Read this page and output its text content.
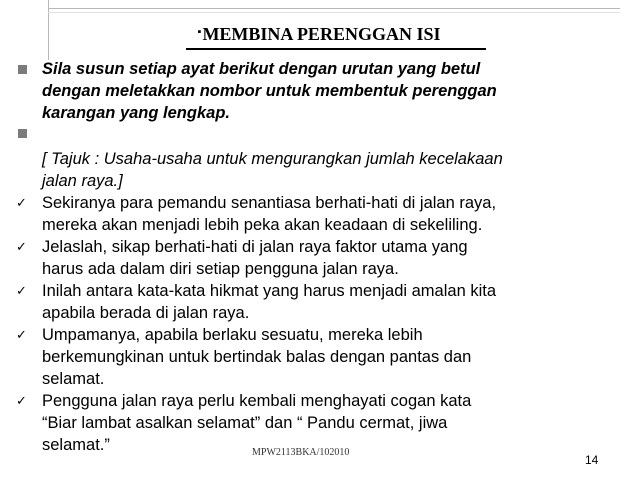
▪MEMBINA PERENGGAN ISI
Sila susun setiap ayat berikut dengan urutan yang betul
dengan meletakkan nombor untuk membentuk perenggan
karangan yang lengkap.
[ Tajuk : Usaha-usaha untuk mengurangkan jumlah kecelakaan
jalan raya.]
✓ Sekiranya para pemandu senantiasa berhati-hati di jalan raya,
mereka akan menjadi lebih peka akan keadaan di sekeliling.
✓ Jelaslah, sikap berhati-hati di jalan raya faktor utama yang
harus ada dalam diri setiap pengguna jalan raya.
✓ Inilah antara kata-kata hikmat yang harus menjadi amalan kita
apabila berada di jalan raya.
✓ Umpamanya, apabila berlaku sesuatu, mereka lebih
berkemungkinan untuk bertindak balas dengan pantas dan
selamat.
✓ Pengguna jalan raya perlu kembali menghayati cogan kata
“Biar lambat asalkan selamat” dan “ Pandu cermat, jiwa
selamat.”	MPW2113BKA/102010
14
